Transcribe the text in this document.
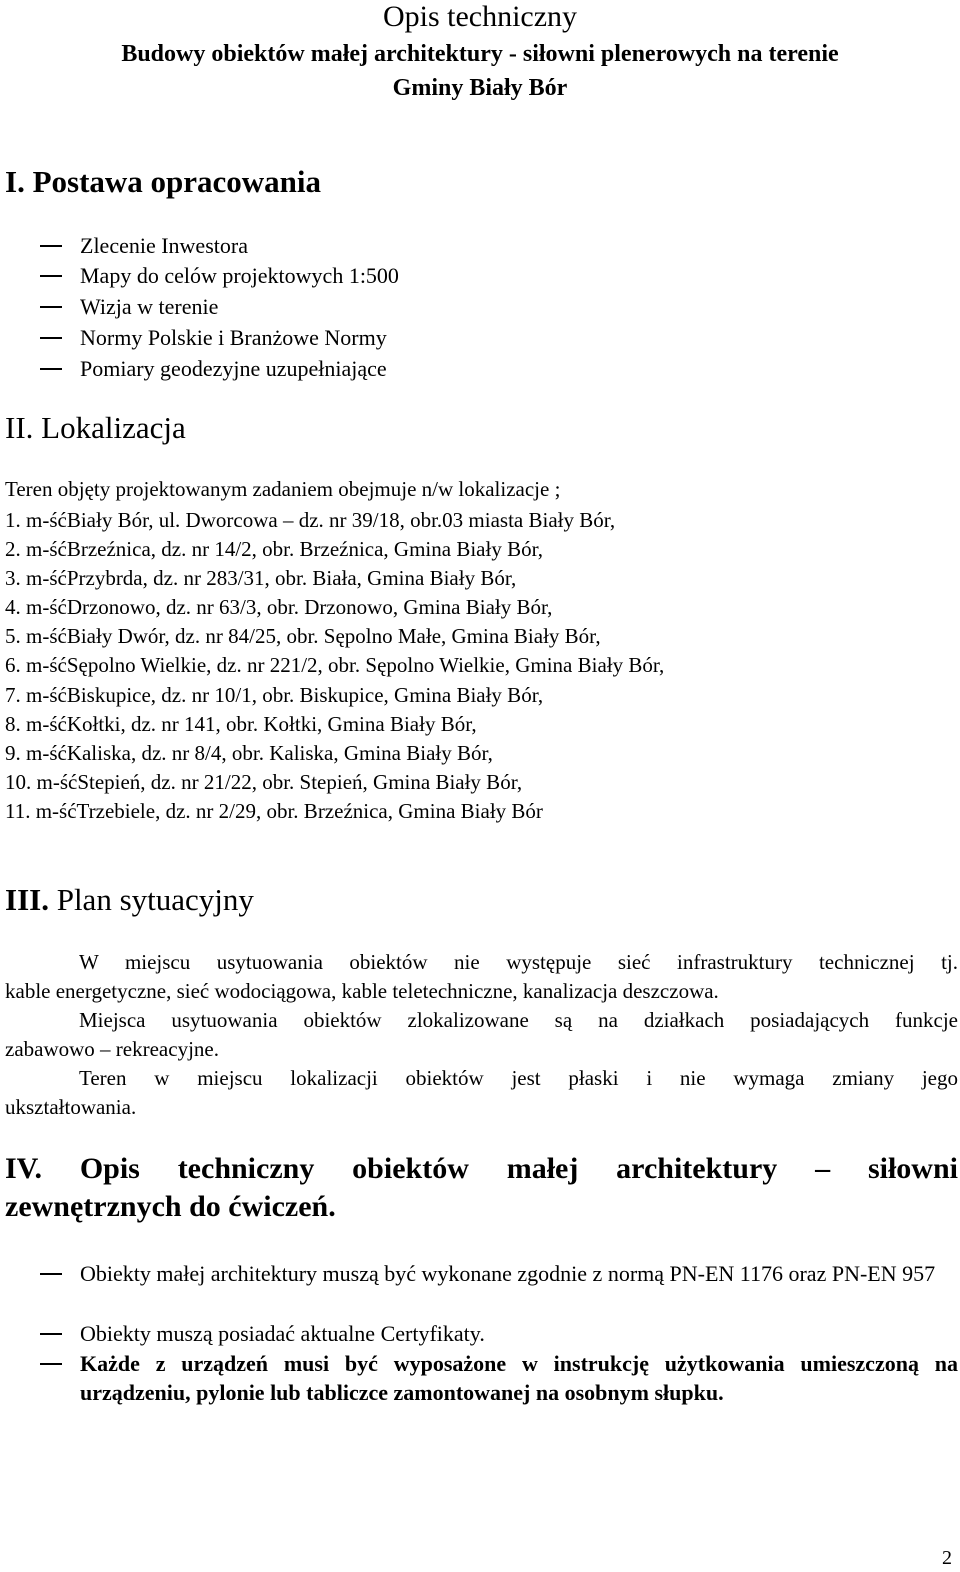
Opis techniczny
Budowy obiektów małej architektury - siłowni plenerowych na terenie
Gminy Biały Bór
I. Postawa opracowania
Zlecenie Inwestora
Mapy do celów projektowych 1:500
Wizja w terenie
Normy Polskie i Branżowe Normy
Pomiary geodezyjne uzupełniające
II. Lokalizacja
Teren objęty projektowanym zadaniem obejmuje n/w lokalizacje ;
1. m-śćBiały Bór, ul. Dworcowa – dz. nr 39/18, obr.03 miasta Biały Bór,
2. m-śćBrzeźnica, dz. nr 14/2, obr. Brzeźnica, Gmina Biały Bór,
3. m-śćPrzybrda, dz. nr 283/31, obr. Biała, Gmina Biały Bór,
4. m-śćDrzonowo, dz. nr 63/3, obr. Drzonowo, Gmina Biały Bór,
5. m-śćBiały Dwór, dz. nr 84/25, obr. Sępolno Małe, Gmina Biały Bór,
6. m-śćSępolno Wielkie, dz. nr 221/2, obr. Sępolno Wielkie, Gmina Biały Bór,
7. m-śćBiskupice, dz. nr 10/1, obr. Biskupice, Gmina Biały Bór,
8. m-śćKołtki, dz. nr 141, obr. Kołtki, Gmina Biały Bór,
9. m-śćKaliska, dz. nr 8/4, obr. Kaliska, Gmina Biały Bór,
10. m-śćStepień, dz. nr 21/22, obr. Stepień, Gmina Biały Bór,
11. m-śćTrzebiele, dz. nr 2/29, obr. Brzeźnica, Gmina Biały Bór
III. Plan sytuacyjny
W miejscu usytuowania obiektów nie występuje sieć infrastruktury technicznej tj.
kable energetyczne, sieć wodociągowa, kable teletechniczne, kanalizacja deszczowa.
Miejsca usytuowania obiektów zlokalizowane są na działkach posiadających funkcje
zabawowo – rekreacyjne.
Teren w miejscu lokalizacji obiektów jest płaski i nie wymaga zmiany jego
ukształtowania.
IV. Opis techniczny obiektów małej architektury – siłowni
zewnętrznych do ćwiczeń.
Obiekty małej architektury muszą być wykonane zgodnie z normą PN-EN 1176 oraz PN-EN 957
Obiekty muszą posiadać aktualne Certyfikaty.
Każde z urządzeń musi być wyposażone w instrukcję użytkowania umieszczoną na urządzeniu, pylonie lub tabliczce zamontowanej na osobnym słupku.
2
